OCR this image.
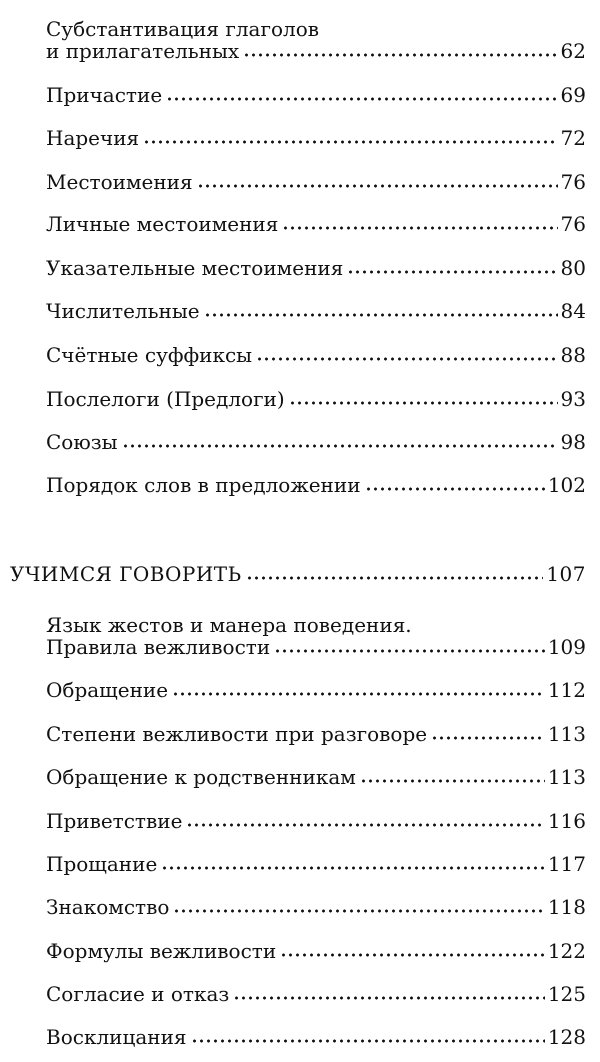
Субстантивация глаголов
и прилагательных	62
Причастие	69
Наречия	72
Местоимения	76
Личные местоимения	76
Указательные местоимения	80
Числительные	84
Счётные суффиксы	88
Послелоги (Предлоги)	93
Союзы	98
Порядок слов в предложении	102
УЧИМСЯ ГОВОРИТЬ	107
Язык жестов и манера поведения.
Правила вежливости	109
Обращение	112
Степени вежливости при разговоре	113
Обращение к родственникам	113
Приветствие	116
Прощание	117
Знакомство	118
Формулы вежливости	122
Согласие и отказ	125
Восклицания	128
